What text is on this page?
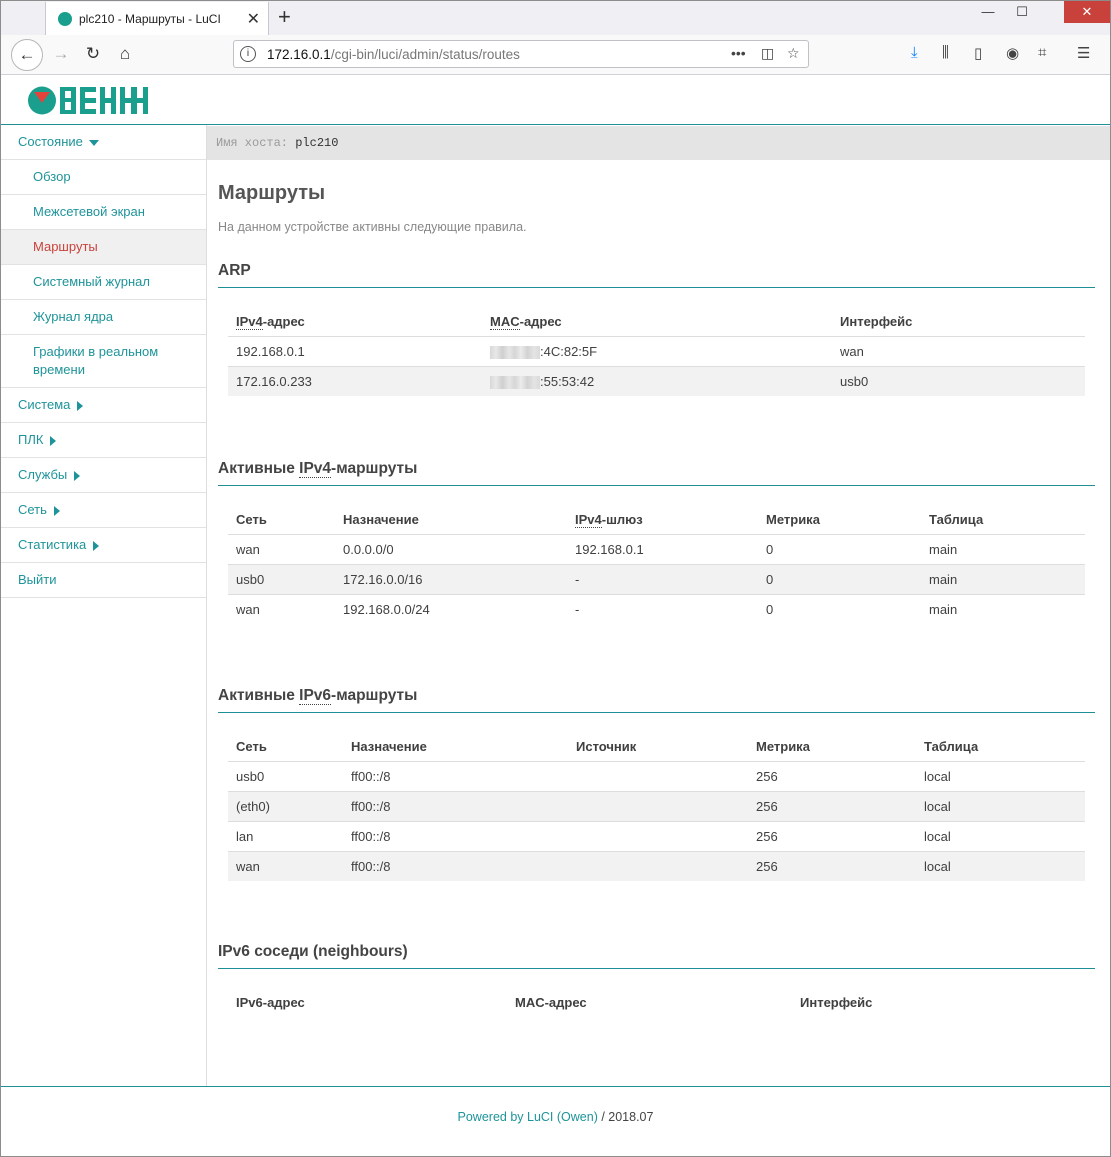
plc210 - Маршруты - LuCI ✕ +	—	☐	✕
←	→ ↻	⌂	i	172.16.0.1/cgi-bin/luci/admin/status/routes	••• ◫ ☆	⤓ ⫼ ▯ ◉ ⌗ ☰
Состояние
Обзор
Межсетевой экран
Маршруты
Системный журнал
Журнал ядра
Графики в реальном времени
Система
ПЛК
Службы
Сеть
Статистика
Выйти
Имя хоста: plc210
Маршруты
На данном устройстве активны следующие правила.
ARP
IPv4-адрес	MAC-адрес	Интерфейс
192.168.0.1	:4C:82:5F	wan
172.16.0.233	:55:53:42	usb0
Активные IPv4-маршруты
Сеть	Назначение	IPv4-шлюз	Метрика	Таблица
wan	0.0.0.0/0	192.168.0.1	0	main
usb0	172.16.0.0/16	-	0	main
wan	192.168.0.0/24	-	0	main
Активные IPv6-маршруты
Сеть	Назначение	Источник	Метрика	Таблица
usb0	ff00::/8		256	local
(eth0)	ff00::/8		256	local
lan	ff00::/8		256	local
wan	ff00::/8		256	local
IPv6 соседи (neighbours)
IPv6-адрес	MAC-адрес	Интерфейс
Powered by LuCI (Owen) / 2018.07
